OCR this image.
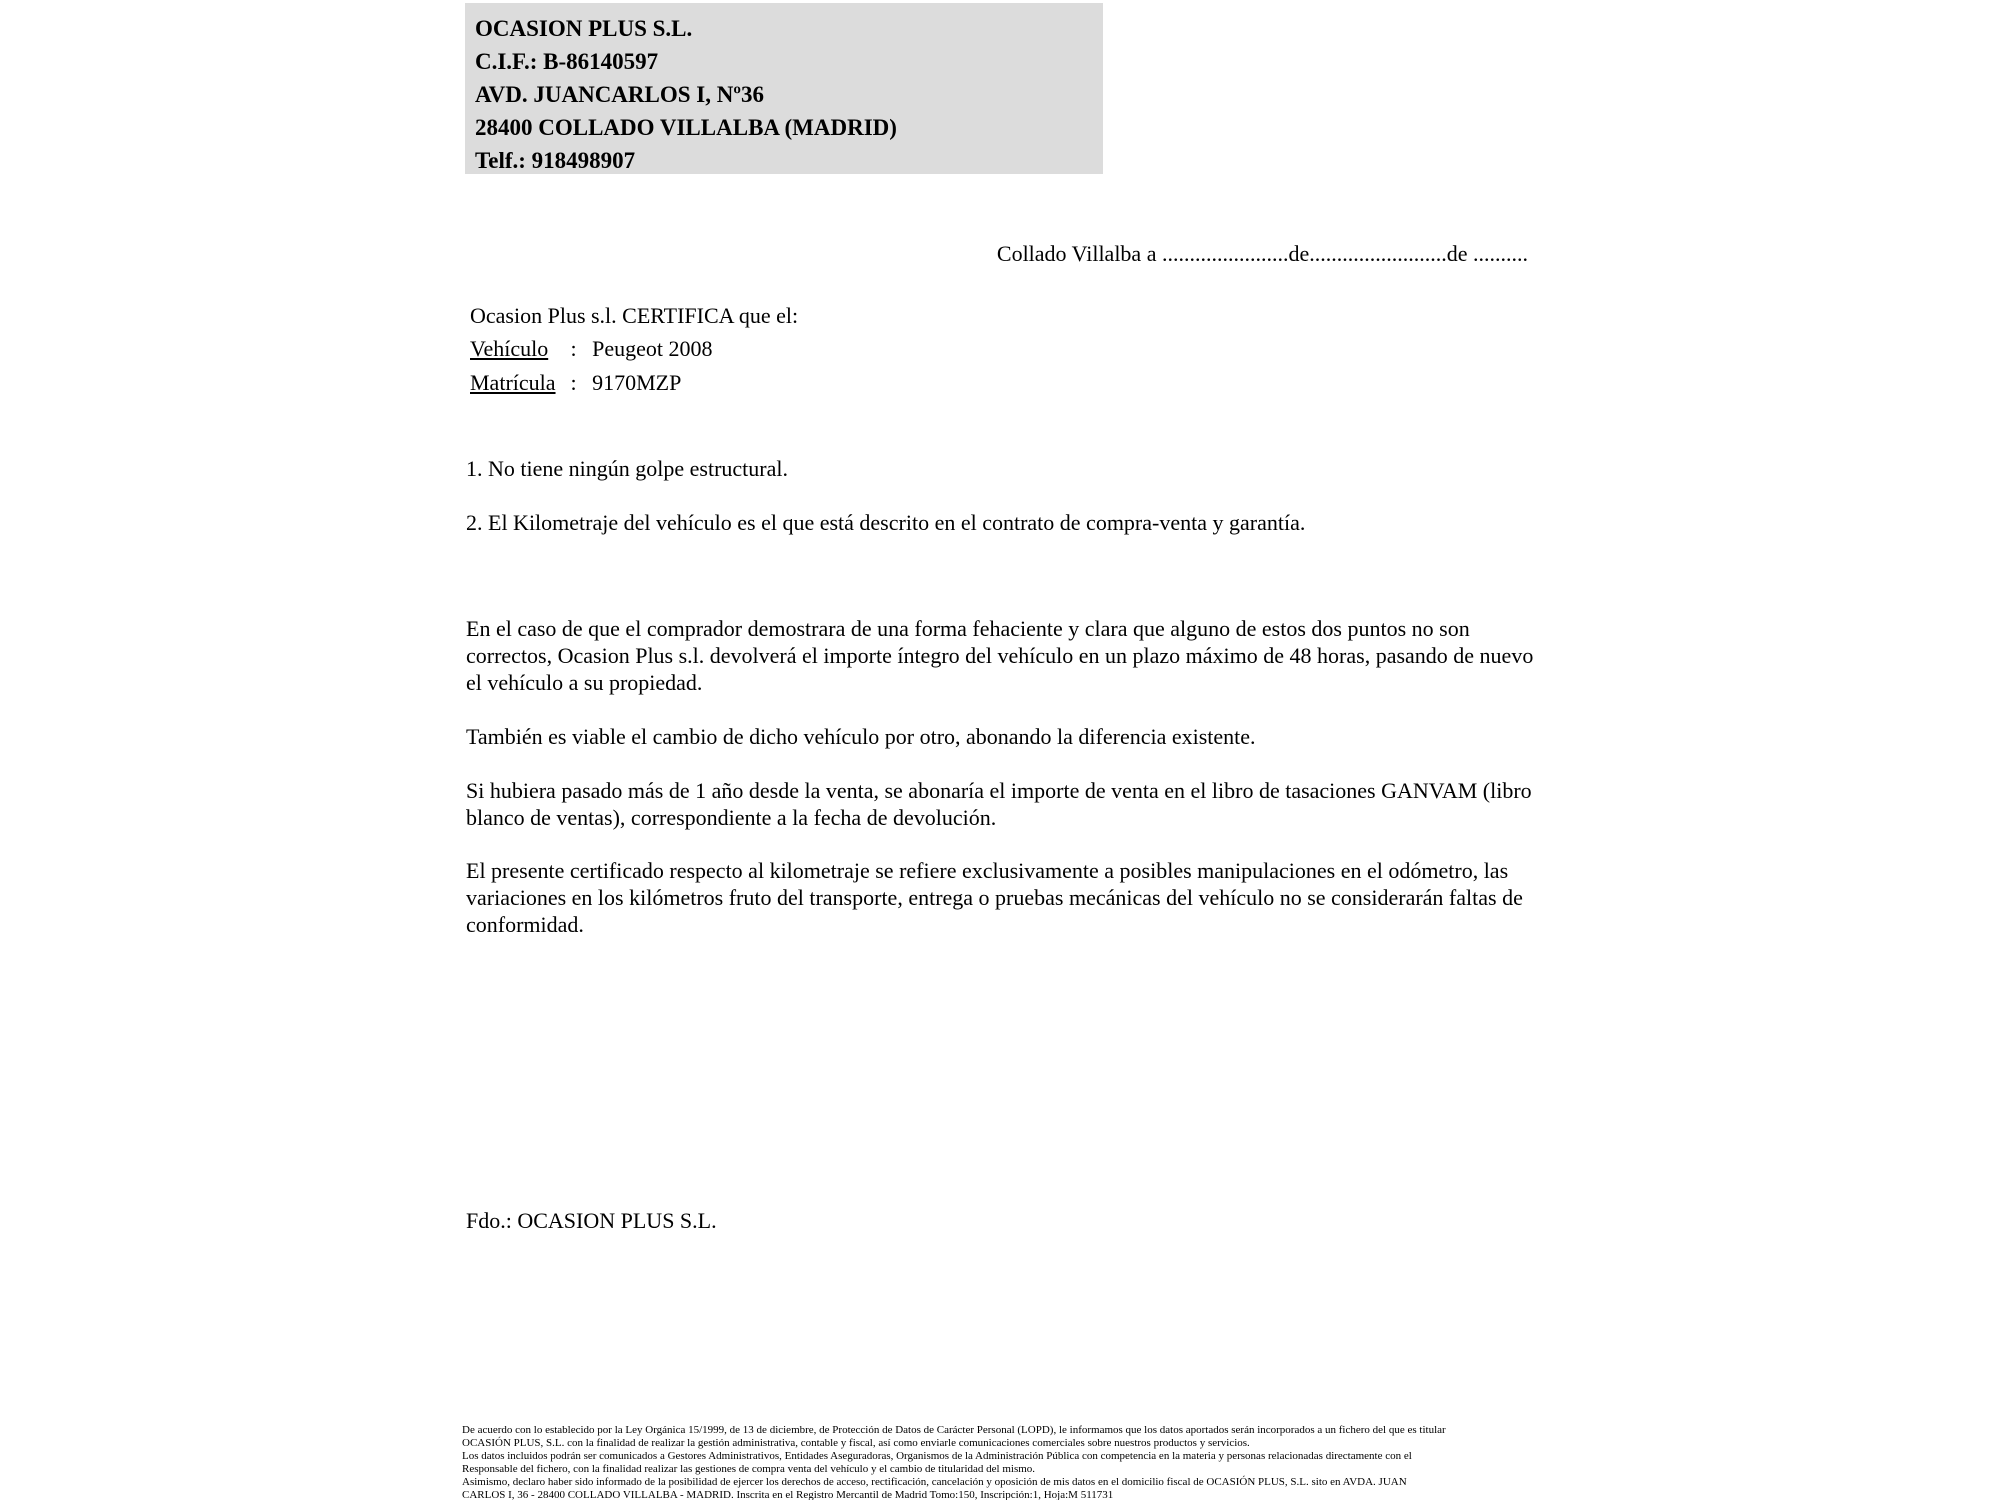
OCASION PLUS S.L.
C.I.F.: B-86140597
AVD. JUANCARLOS I, Nº36
28400 COLLADO VILLALBA (MADRID)
Telf.: 918498907
Collado Villalba a .......................de.........................de ..........
Ocasion Plus s.l. CERTIFICA que el:
Vehículo : Peugeot 2008
Matrícula : 9170MZP
1. No tiene ningún golpe estructural.
2. El Kilometraje del vehículo es el que está descrito en el contrato de compra-venta y garantía.
En el caso de que el comprador demostrara de una forma fehaciente y clara que alguno de estos dos puntos no son correctos, Ocasion Plus s.l. devolverá el importe íntegro del vehículo en un plazo máximo de 48 horas, pasando de nuevo el vehículo a su propiedad.
También es viable el cambio de dicho vehículo por otro, abonando la diferencia existente.
Si hubiera pasado más de 1 año desde la venta, se abonaría el importe de venta en el libro de tasaciones GANVAM (libro blanco de ventas), correspondiente a la fecha de devolución.
El presente certificado respecto al kilometraje se refiere exclusivamente a posibles manipulaciones en el odómetro, las variaciones en los kilómetros fruto del transporte, entrega o pruebas mecánicas del vehículo no se considerarán faltas de conformidad.
Fdo.: OCASION PLUS S.L.
De acuerdo con lo establecido por la Ley Orgánica 15/1999, de 13 de diciembre, de Protección de Datos de Carácter Personal (LOPD), le informamos que los datos aportados serán incorporados a un fichero del que es titular
OCASIÓN PLUS, S.L. con la finalidad de realizar la gestión administrativa, contable y fiscal, así como enviarle comunicaciones comerciales sobre nuestros productos y servicios.
Los datos incluidos podrán ser comunicados a Gestores Administrativos, Entidades Aseguradoras, Organismos de la Administración Pública con competencia en la materia y personas relacionadas directamente con el
Responsable del fichero, con la finalidad realizar las gestiones de compra venta del vehículo y el cambio de titularidad del mismo.
Asimismo, declaro haber sido informado de la posibilidad de ejercer los derechos de acceso, rectificación, cancelación y oposición de mis datos en el domicilio fiscal de OCASIÓN PLUS, S.L. sito en AVDA. JUAN
CARLOS I, 36 - 28400 COLLADO VILLALBA - MADRID. Inscrita en el Registro Mercantil de Madrid Tomo:150, Inscripción:1, Hoja:M 511731
